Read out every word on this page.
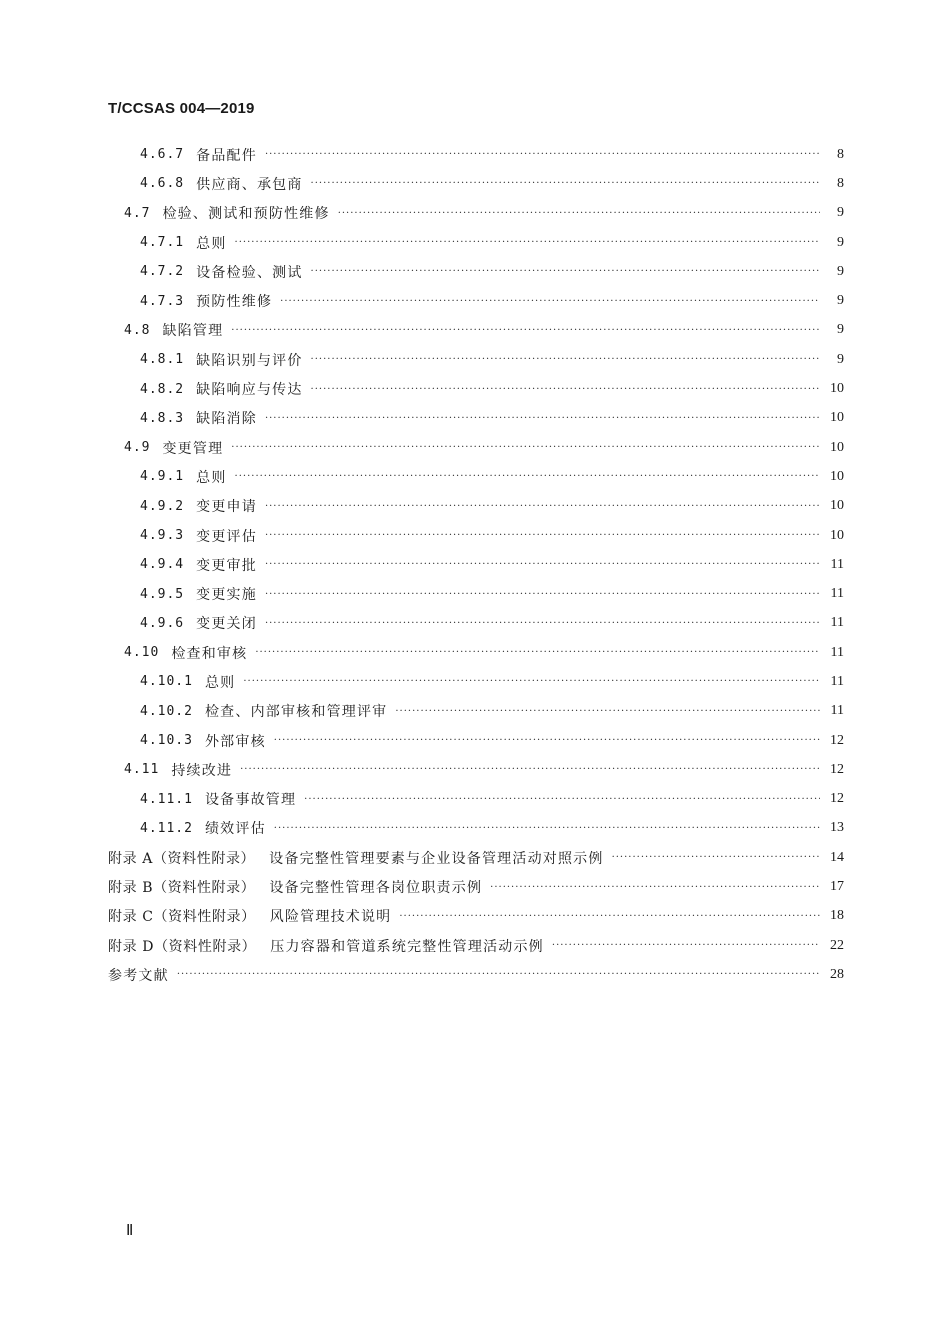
T/CCSAS 004—2019
4.6.7 备品配件 ·····	8
4.6.8 供应商、承包商 ·····	8
4.7 检验、测试和预防性维修 ·····	9
4.7.1 总则 ·····	9
4.7.2 设备检验、测试 ·····	9
4.7.3 预防性维修 ·····	9
4.8 缺陷管理 ·····	9
4.8.1 缺陷识别与评价 ·····	9
4.8.2 缺陷响应与传达 ·····	10
4.8.3 缺陷消除 ·····	10
4.9 变更管理 ·····	10
4.9.1 总则 ·····	10
4.9.2 变更申请 ·····	10
4.9.3 变更评估 ·····	10
4.9.4 变更审批 ·····	11
4.9.5 变更实施 ·····	11
4.9.6 变更关闭 ·····	11
4.10 检查和审核 ·····	11
4.10.1 总则 ·····	11
4.10.2 检查、内部审核和管理评审 ·····	11
4.10.3 外部审核 ·····	12
4.11 持续改进 ·····	12
4.11.1 设备事故管理 ·····	12
4.11.2 绩效评估 ·····	13
附录 A（资料性附录） 设备完整性管理要素与企业设备管理活动对照示例 ·····	14
附录 B（资料性附录） 设备完整性管理各岗位职责示例 ·····	17
附录 C（资料性附录） 风险管理技术说明 ·····	18
附录 D（资料性附录） 压力容器和管道系统完整性管理活动示例 ·····	22
参考文献 ·····	28
Ⅱ
